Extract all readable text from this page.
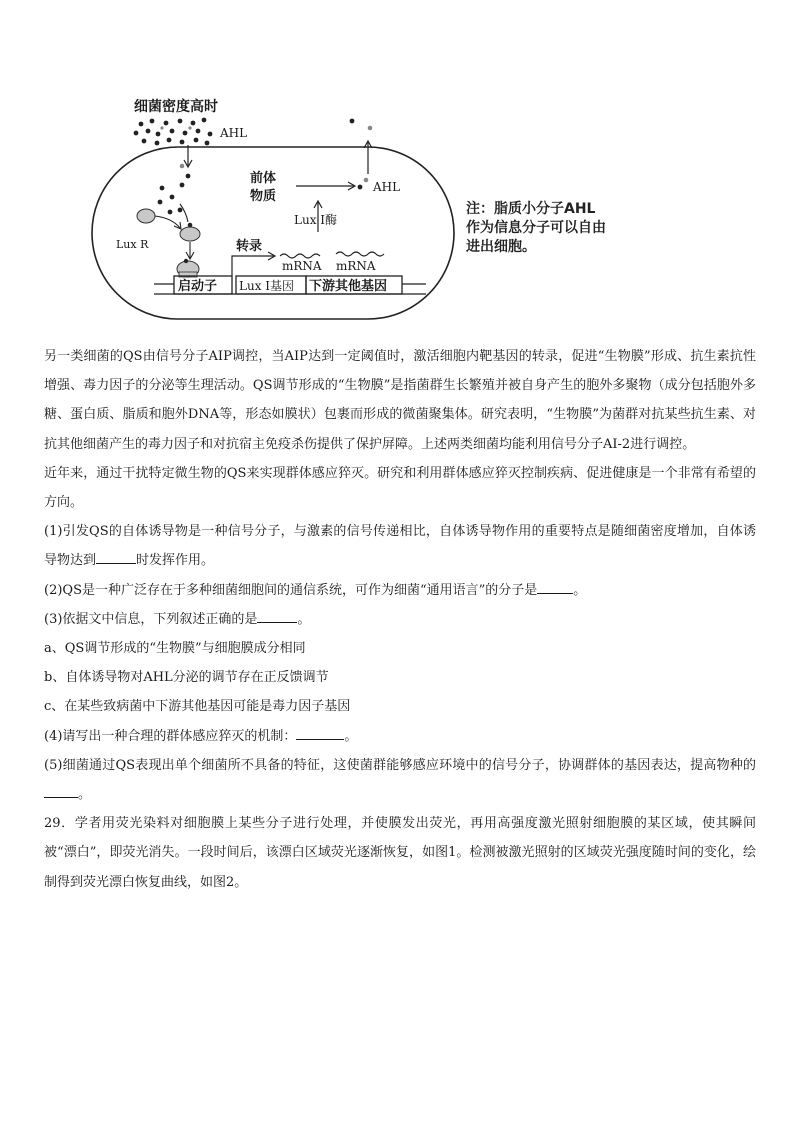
细菌密度高时
AHL
Lux R
启动子 Lux I基因 下游其他基因
转录
mRNA mRNA
Lux I酶
前体
物质
AHL
注：脂质小分子AHL
作为信息分子可以自由
进出细胞。

另一类细菌的QS由信号分子AIP调控，当AIP达到一定阈值时，激活细胞内靶基因的转录，促进“生物膜”形成、抗生素抗性增强、毒力因子的分泌等生理活动。QS调节形成的“生物膜”是指菌群生长繁殖并被自身产生的胞外多聚物（成分包括胞外多糖、蛋白质、脂质和胞外DNA等，形态如膜状）包裹而形成的微菌聚集体。研究表明，“生物膜”为菌群对抗某些抗生素、对抗其他细菌产生的毒力因子和对抗宿主免疫杀伤提供了保护屏障。上述两类细菌均能利用信号分子AI-2进行调控。

近年来，通过干扰特定微生物的QS来实现群体感应猝灭。研究和利用群体感应猝灭控制疾病、促进健康是一个非常有希望的方向。

(1)引发QS的自体诱导物是一种信号分子，与激素的信号传递相比，自体诱导物作用的重要特点是随细菌密度增加，自体诱导物达到	时发挥作用。

(2)QS是一种广泛存在于多种细菌细胞间的通信系统，可作为细菌“通用语言”的分子是	。

(3)依据文中信息，下列叙述正确的是	。

a、QS调节形成的“生物膜”与细胞膜成分相同

b、自体诱导物对AHL分泌的调节存在正反馈调节

c、在某些致病菌中下游其他基因可能是毒力因子基因

(4)请写出一种合理的群体感应猝灭的机制：	。

(5)细菌通过QS表现出单个细菌所不具备的特征，这使菌群能够感应环境中的信号分子，协调群体的基因表达，提高物种的。

29．学者用荧光染料对细胞膜上某些分子进行处理，并使膜发出荧光，再用高强度激光照射细胞膜的某区域，使其瞬间被“漂白”，即荧光消失。一段时间后，该漂白区域荧光逐渐恢复，如图1。检测被激光照射的区域荧光强度随时间的变化，绘制得到荧光漂白恢复曲线，如图2。
